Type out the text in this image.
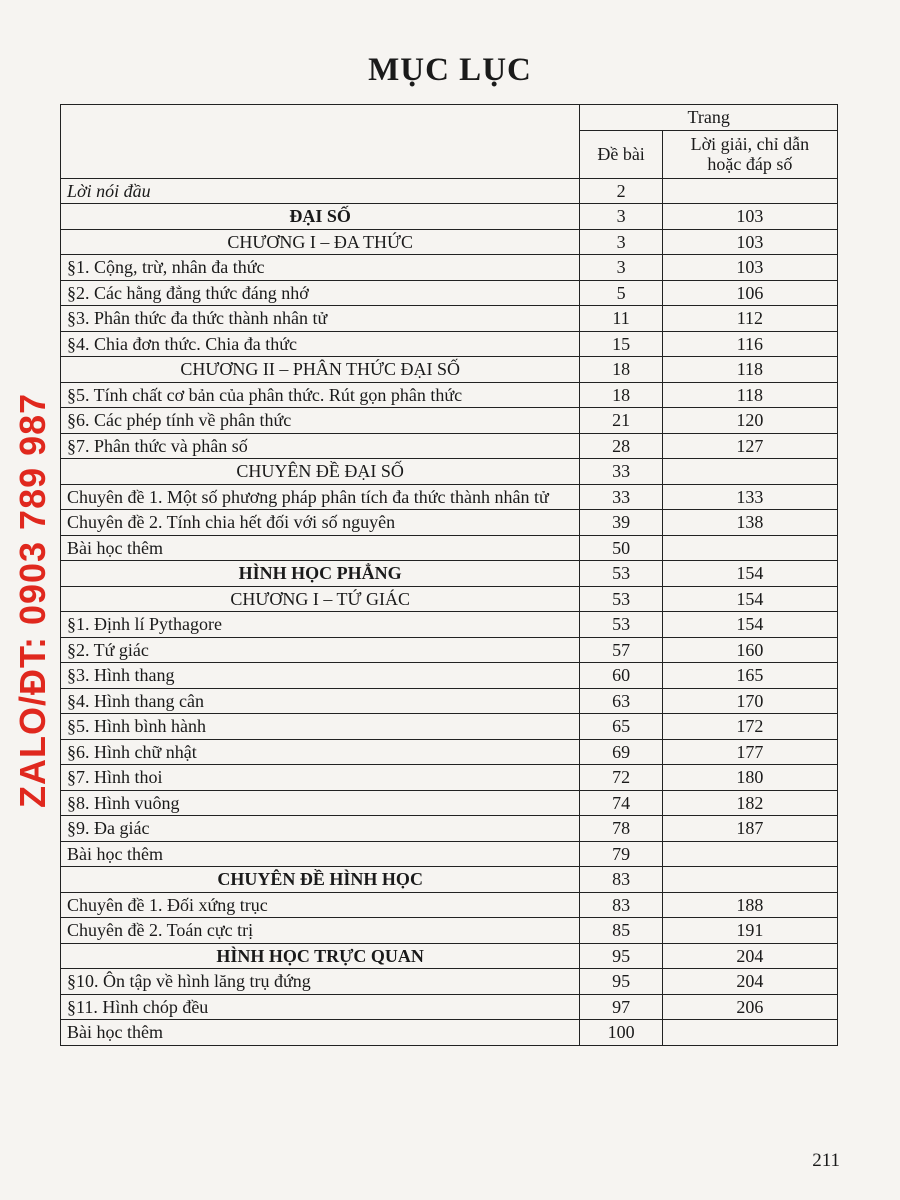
MỤC LỤC
ZALO/ĐT: 0903 789 987
	Trang	
	Đề bài	Lời giải, chỉ dẫn
hoặc đáp số

Lời nói đầu	2	
ĐẠI SỐ	3	103
CHƯƠNG I – ĐA THỨC	3	103
§1. Cộng, trừ, nhân đa thức	3	103
§2. Các hằng đẳng thức đáng nhớ	5	106
§3. Phân thức đa thức thành nhân tử	11	112
§4. Chia đơn thức. Chia đa thức	15	116
CHƯƠNG II – PHÂN THỨC ĐẠI SỐ	18	118
§5. Tính chất cơ bản của phân thức. Rút gọn phân thức	18	118
§6. Các phép tính về phân thức	21	120
§7. Phân thức và phân số	28	127
CHUYÊN ĐỀ ĐẠI SỐ	33	
Chuyên đề 1. Một số phương pháp phân tích đa thức thành nhân tử	33	133
Chuyên đề 2. Tính chia hết đối với số nguyên	39	138
Bài học thêm	50	
HÌNH HỌC PHẲNG	53	154
CHƯƠNG I – TỨ GIÁC	53	154
§1. Định lí Pythagore	53	154
§2. Tứ giác	57	160
§3. Hình thang	60	165
§4. Hình thang cân	63	170
§5. Hình bình hành	65	172
§6. Hình chữ nhật	69	177
§7. Hình thoi	72	180
§8. Hình vuông	74	182
§9. Đa giác	78	187
Bài học thêm	79	
CHUYÊN ĐỀ HÌNH HỌC	83	
Chuyên đề 1. Đối xứng trục	83	188
Chuyên đề 2. Toán cực trị	85	191
HÌNH HỌC TRỰC QUAN	95	204
§10. Ôn tập về hình lăng trụ đứng	95	204
§11. Hình chóp đều	97	206
Bài học thêm	100	
211
